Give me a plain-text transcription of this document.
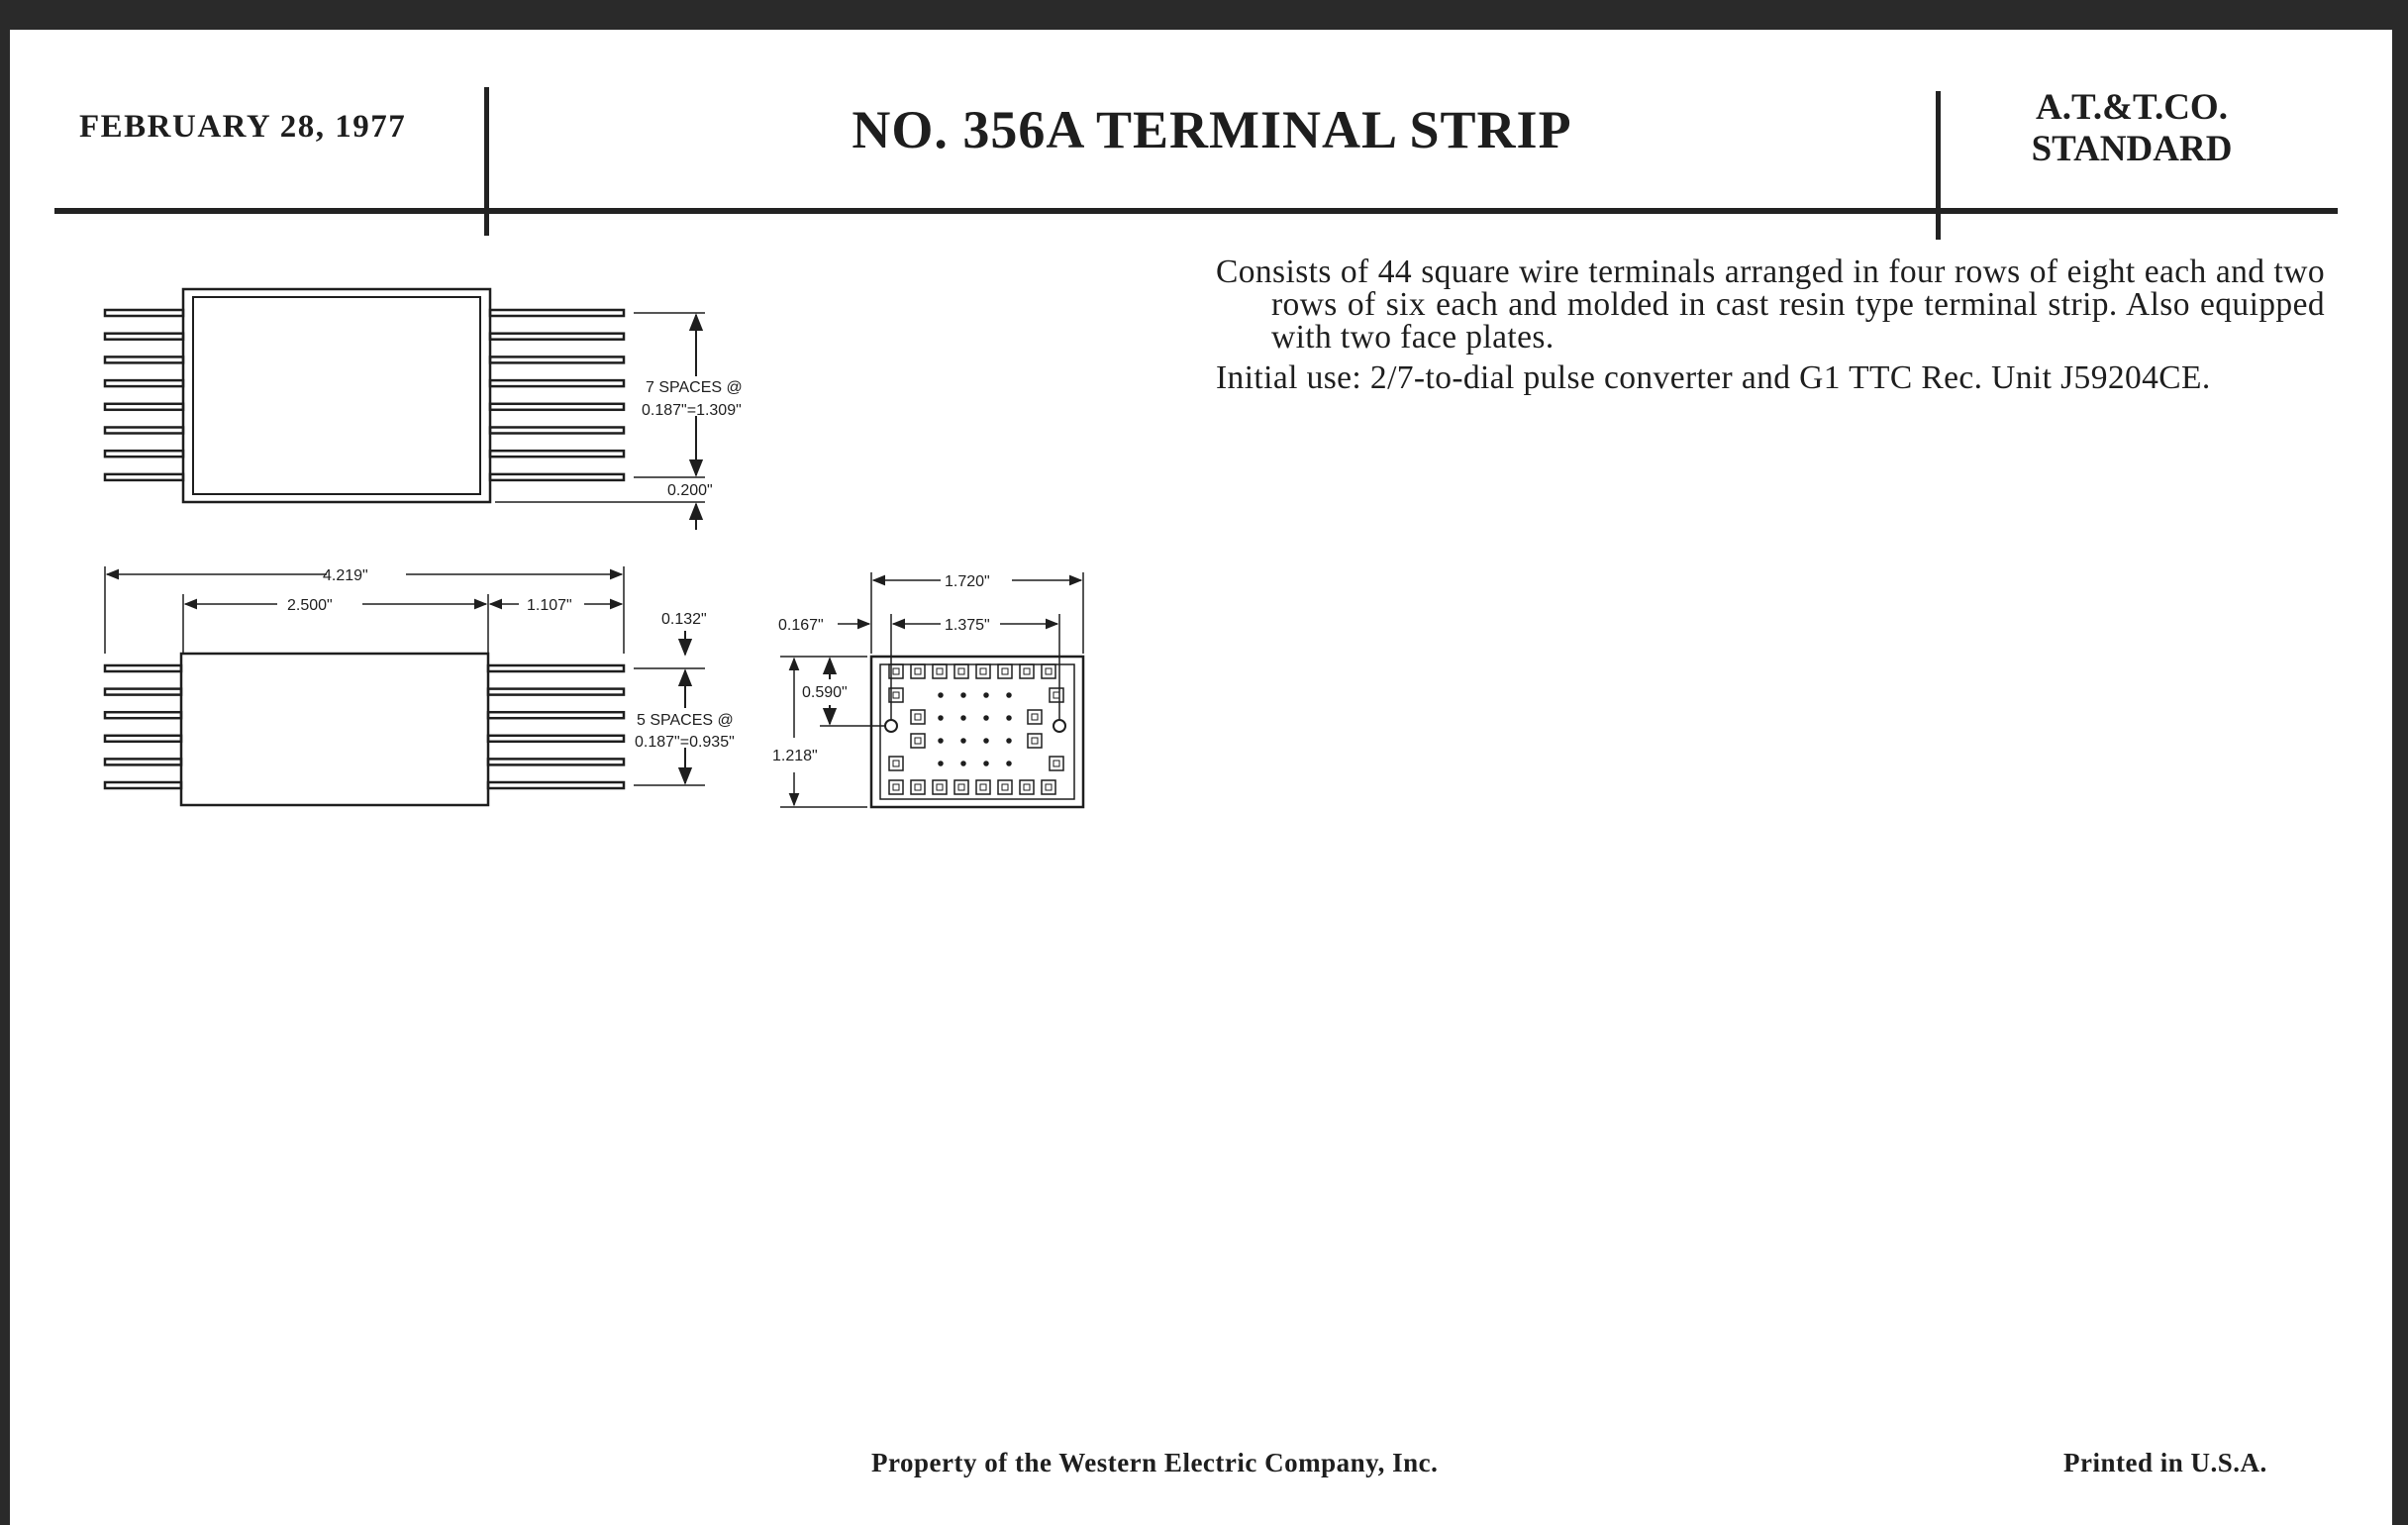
FEBRUARY 28, 1977	NO. 356A TERMINAL STRIP	A.T.&T.CO.
STANDARD

Consists of 44 square wire terminals arranged in four rows of eight each and two rows of six each and molded in cast resin type terminal strip. Also equipped with two face plates.

Initial use: 2/7-to-dial pulse converter and G1 TTC Rec. Unit J59204CE.

7 SPACES @
0.187"=1.309"
0.200"
4.219"
2.500"	1.107"
0.132"
5 SPACES @
0.187"=0.935"
1.720"
1.375"
0.167"
0.590"
1.218"
Property of the Western Electric Company, Inc.	Printed in U.S.A.
